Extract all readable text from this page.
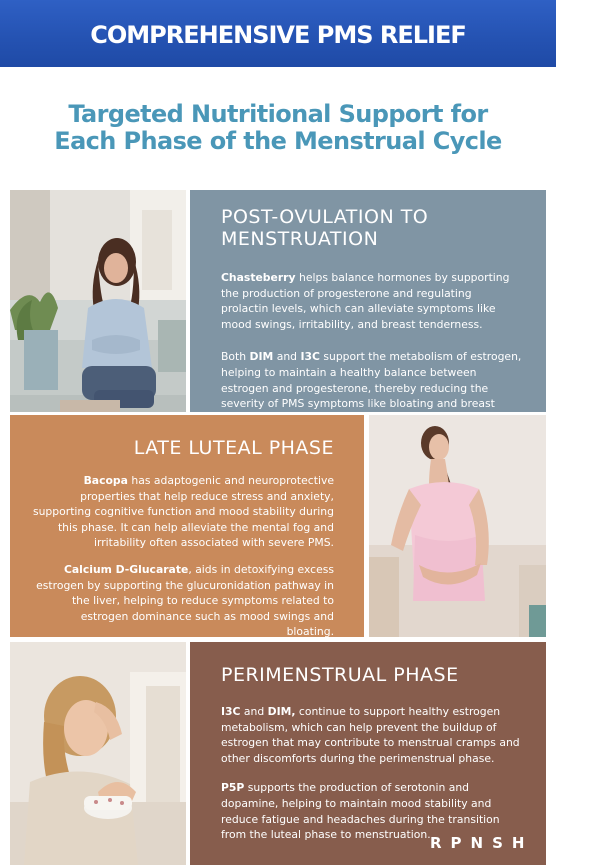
COMPREHENSIVE PMS RELIEF
Targeted Nutritional Support for
Each Phase of the Menstrual Cycle
POST-OVULATION TO MENSTRUATION

Chasteberry helps balance hormones by supporting the production of progesterone and regulating prolactin levels, which can alleviate symptoms like mood swings, irritability, and breast tenderness.

Both DIM and I3C support the metabolism of estrogen, helping to maintain a healthy balance between estrogen and progesterone, thereby reducing the severity of PMS symptoms like bloating and breast

LATE LUTEAL PHASE

Bacopa has adaptogenic and neuroprotective properties that help reduce stress and anxiety, supporting cognitive function and mood stability during this phase. It can help alleviate the mental fog and irritability often associated with severe PMS.

Calcium D-Glucarate, aids in detoxifying excess estrogen by supporting the glucuronidation pathway in the liver, helping to reduce symptoms related to estrogen dominance such as mood swings and bloating.

PERIMENSTRUAL PHASE

I3C and DIM, continue to support healthy estrogen metabolism, which can help prevent the buildup of estrogen that may contribute to menstrual cramps and other discomforts during the perimenstrual phase.

P5P supports the production of serotonin and dopamine, helping to maintain mood stability and reduce fatigue and headaches during the transition from the luteal phase to menstruation. RPNSH
